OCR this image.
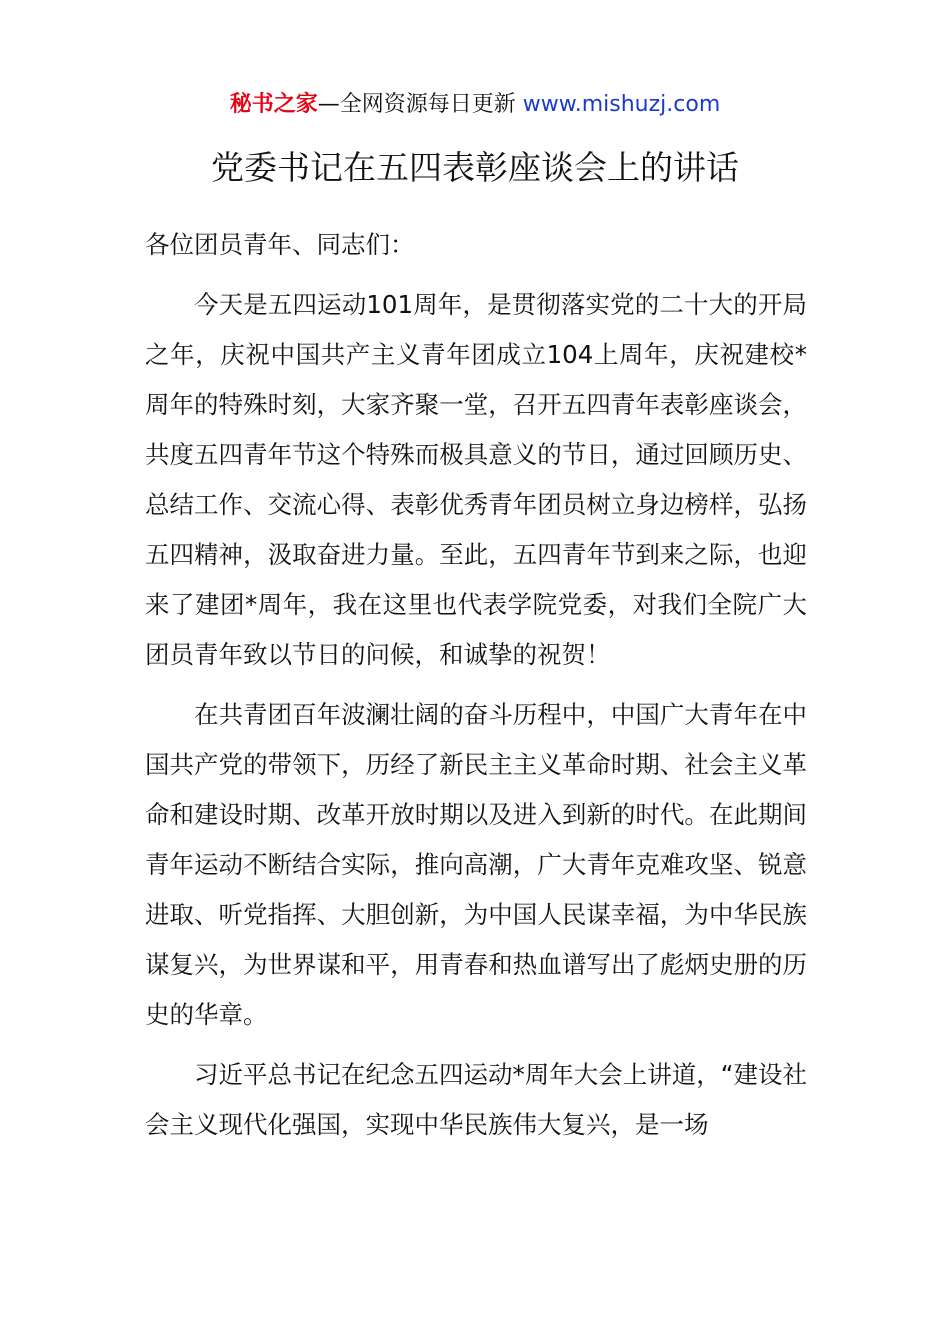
秘书之家—全网资源每日更新 www.mishuzj.com
党委书记在五四表彰座谈会上的讲话

各位团员青年、同志们：

今天是五四运动101周年，是贯彻落实党的二十大的开局之年，庆祝中国共产主义青年团成立104上周年，庆祝建校*周年的特殊时刻，大家齐聚一堂，召开五四青年表彰座谈会，共度五四青年节这个特殊而极具意义的节日，通过回顾历史、总结工作、交流心得、表彰优秀青年团员树立身边榜样，弘扬五四精神，汲取奋进力量。至此，五四青年节到来之际，也迎来了建团*周年，我在这里也代表学院党委，对我们全院广大团员青年致以节日的问候，和诚挚的祝贺！

在共青团百年波澜壮阔的奋斗历程中，中国广大青年在中国共产党的带领下，历经了新民主主义革命时期、社会主义革命和建设时期、改革开放时期以及进入到新的时代。在此期间青年运动不断结合实际，推向高潮，广大青年克难攻坚、锐意进取、听党指挥、大胆创新，为中国人民谋幸福，为中华民族谋复兴，为世界谋和平，用青春和热血谱写出了彪炳史册的历史的华章。

习近平总书记在纪念五四运动*周年大会上讲道，“建设社会主义现代化强国，实现中华民族伟大复兴，是一场
